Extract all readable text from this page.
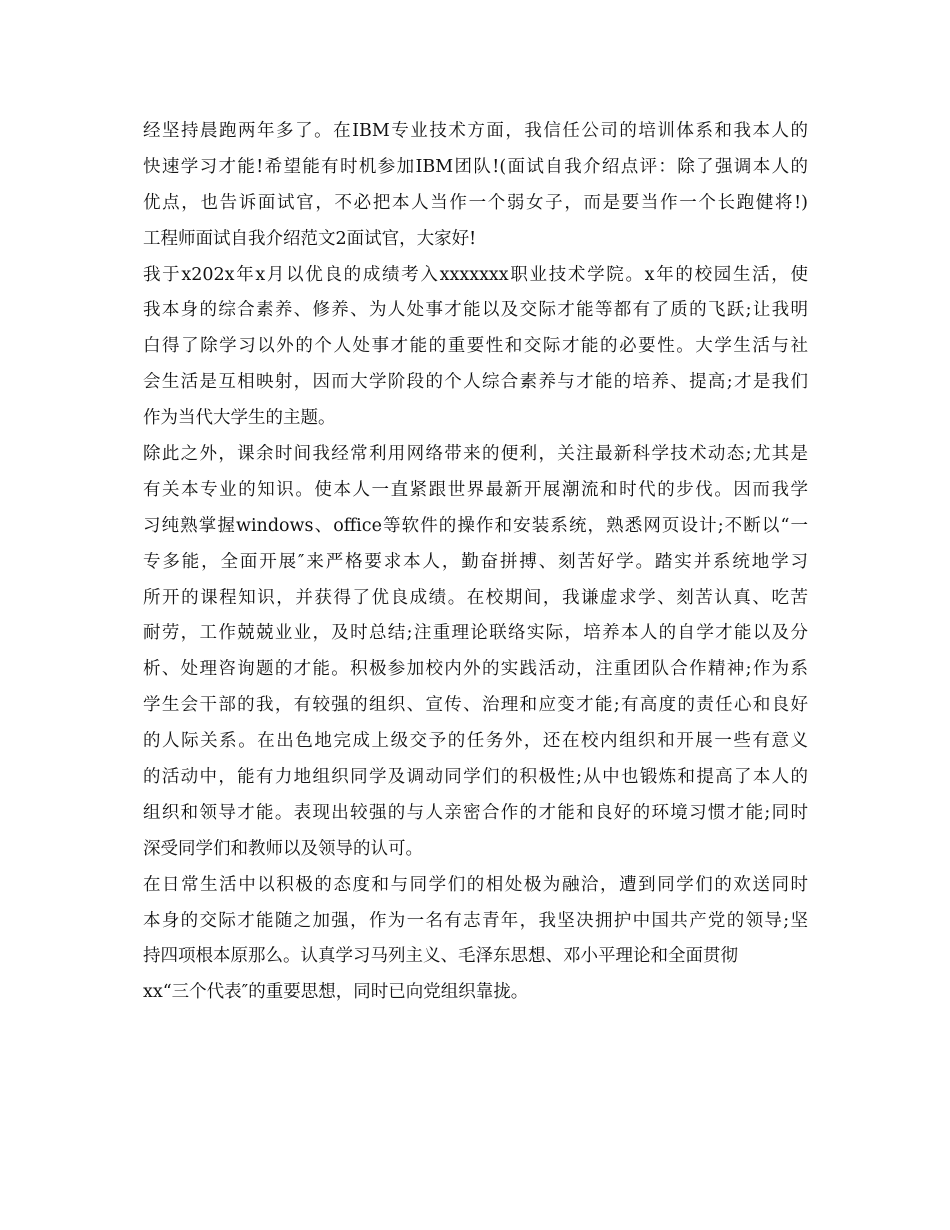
经坚持晨跑两年多了。在IBM专业技术方面，我信任公司的培训体系和我本人的
快速学习才能!希望能有时机参加IBM团队!(面试自我介绍点评：除了强调本人的
优点，也告诉面试官，不必把本人当作一个弱女子，而是要当作一个长跑健将!)
工程师面试自我介绍范文2面试官，大家好!
我于x202x年x月以优良的成绩考入xxxxxxx职业技术学院。x年的校园生活，使
我本身的综合素养、修养、为人处事才能以及交际才能等都有了质的飞跃;让我明
白得了除学习以外的个人处事才能的重要性和交际才能的必要性。大学生活与社
会生活是互相映射，因而大学阶段的个人综合素养与才能的培养、提高;才是我们
作为当代大学生的主题。
除此之外，课余时间我经常利用网络带来的便利，关注最新科学技术动态;尤其是
有关本专业的知识。使本人一直紧跟世界最新开展潮流和时代的步伐。因而我学
习纯熟掌握windows、office等软件的操作和安装系统，熟悉网页设计;不断以“一
专多能，全面开展″来严格要求本人，勤奋拼搏、刻苦好学。踏实并系统地学习
所开的课程知识，并获得了优良成绩。在校期间，我谦虚求学、刻苦认真、吃苦
耐劳，工作兢兢业业，及时总结;注重理论联络实际，培养本人的自学才能以及分
析、处理咨询题的才能。积极参加校内外的实践活动，注重团队合作精神;作为系
学生会干部的我，有较强的组织、宣传、治理和应变才能;有高度的责任心和良好
的人际关系。在出色地完成上级交予的任务外，还在校内组织和开展一些有意义
的活动中，能有力地组织同学及调动同学们的积极性;从中也锻炼和提高了本人的
组织和领导才能。表现出较强的与人亲密合作的才能和良好的环境习惯才能;同时
深受同学们和教师以及领导的认可。
在日常生活中以积极的态度和与同学们的相处极为融洽，遭到同学们的欢送同时
本身的交际才能随之加强，作为一名有志青年，我坚决拥护中国共产党的领导;坚
持四项根本原那么。认真学习马列主义、毛泽东思想、邓小平理论和全面贯彻
xx“三个代表″的重要思想，同时已向党组织靠拢。
